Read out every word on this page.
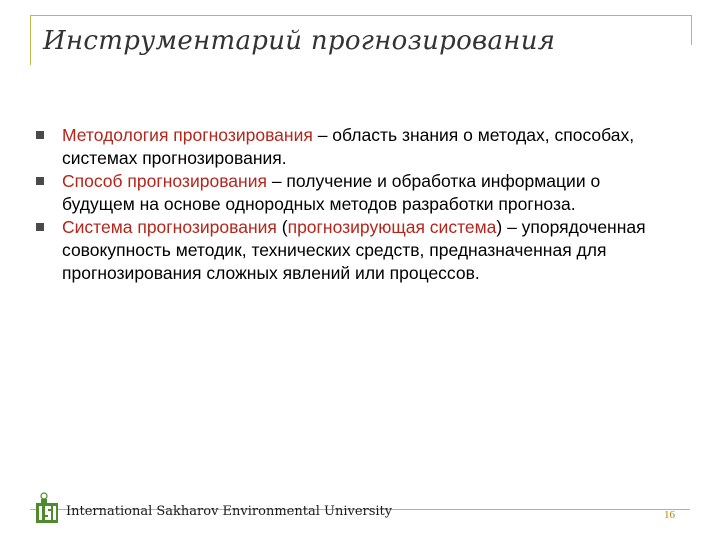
Инструментарий прогнозирования
Методология прогнозирования – область знания о методах, способах, системах прогнозирования.
Способ прогнозирования – получение и обработка информации о будущем на основе однородных методов разработки прогноза.
Система прогнозирования (прогнозирующая система) – упорядоченная совокупность методик, технических средств, предназначенная для прогнозирования сложных явлений или процессов.
International Sakharov Environmental University	16
